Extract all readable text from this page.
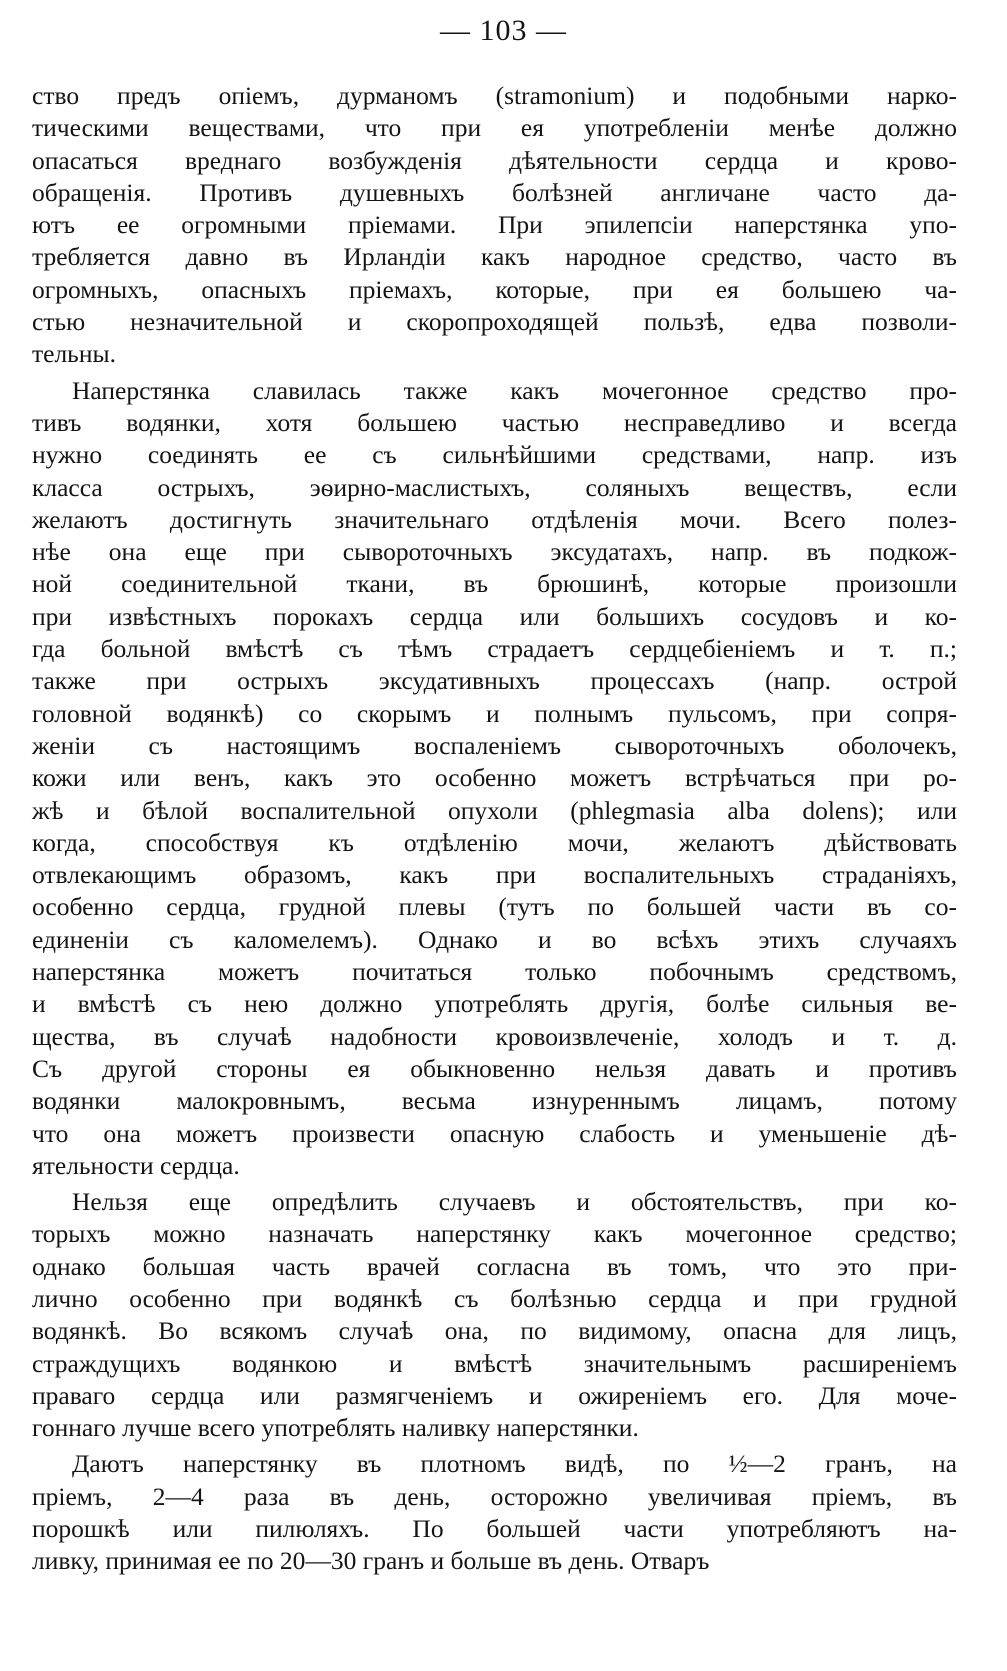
— 103 —
ство предъ опіемъ, дурманомъ (stramonium) и подобными нарко-
тическими веществами, что при ея употребленіи менѣе должно
опасаться вреднаго возбужденія дѣятельности сердца и крово-
обращенія. Противъ душевныхъ болѣзней англичане часто да-
ютъ ее огромными пріемами. При эпилепсіи наперстянка упо-
требляется давно въ Ирландіи какъ народное средство, часто въ
огромныхъ, опасныхъ пріемахъ, которые, при ея большею ча-
стью незначительной и скоропроходящей пользѣ, едва позволи-
тельны.
Наперстянка славилась также какъ мочегонное средство про-
тивъ водянки, хотя большею частью несправедливо и всегда
нужно соединять ее съ сильнѣйшими средствами, напр. изъ
класса острыхъ, эѳирно-маслистыхъ, соляныхъ веществъ, если
желаютъ достигнуть значительнаго отдѣленія мочи. Всего полез-
нѣе она еще при сывороточныхъ эксудатахъ, напр. въ подкож-
ной соединительной ткани, въ брюшинѣ, которые произошли
при извѣстныхъ порокахъ сердца или большихъ сосудовъ и ко-
гда больной вмѣстѣ съ тѣмъ страдаетъ сердцебіеніемъ и т. п.;
также при острыхъ эксудативныхъ процессахъ (напр. острой
головной водянкѣ) со скорымъ и полнымъ пульсомъ, при сопря-
женіи съ настоящимъ воспаленіемъ сывороточныхъ оболочекъ,
кожи или венъ, какъ это особенно можетъ встрѣчаться при ро-
жѣ и бѣлой воспалительной опухоли (phlegmasia alba dolens); или
когда, способствуя къ отдѣленію мочи, желаютъ дѣйствовать
отвлекающимъ образомъ, какъ при воспалительныхъ страданіяхъ,
особенно сердца, грудной плевы (тутъ по большей части въ со-
единеніи съ каломелемъ). Однако и во всѣхъ этихъ случаяхъ
наперстянка можетъ почитаться только побочнымъ средствомъ,
и вмѣстѣ съ нею должно употреблять другія, болѣе сильныя ве-
щества, въ случаѣ надобности кровоизвлеченіе, холодъ и т. д.
Съ другой стороны ея обыкновенно нельзя давать и противъ
водянки малокровнымъ, весьма изнуреннымъ лицамъ, потому
что она можетъ произвести опасную слабость и уменьшеніе дѣ-
ятельности сердца.
Нельзя еще опредѣлить случаевъ и обстоятельствъ, при ко-
торыхъ можно назначать наперстянку какъ мочегонное средство;
однако большая часть врачей согласна въ томъ, что это при-
лично особенно при водянкѣ съ болѣзнью сердца и при грудной
водянкѣ. Во всякомъ случаѣ она, по видимому, опасна для лицъ,
страждущихъ водянкою и вмѣстѣ значительнымъ расширеніемъ
праваго сердца или размягченіемъ и ожиреніемъ его. Для моче-
гоннаго лучше всего употреблять наливку наперстянки.
Даютъ наперстянку въ плотномъ видѣ, по ½—2 гранъ, на
пріемъ, 2—4 раза въ день, осторожно увеличивая пріемъ, въ
порошкѣ или пилюляхъ. По большей части употребляютъ на-
ливку, принимая ее по 20—30 гранъ и больше въ день. Отваръ
